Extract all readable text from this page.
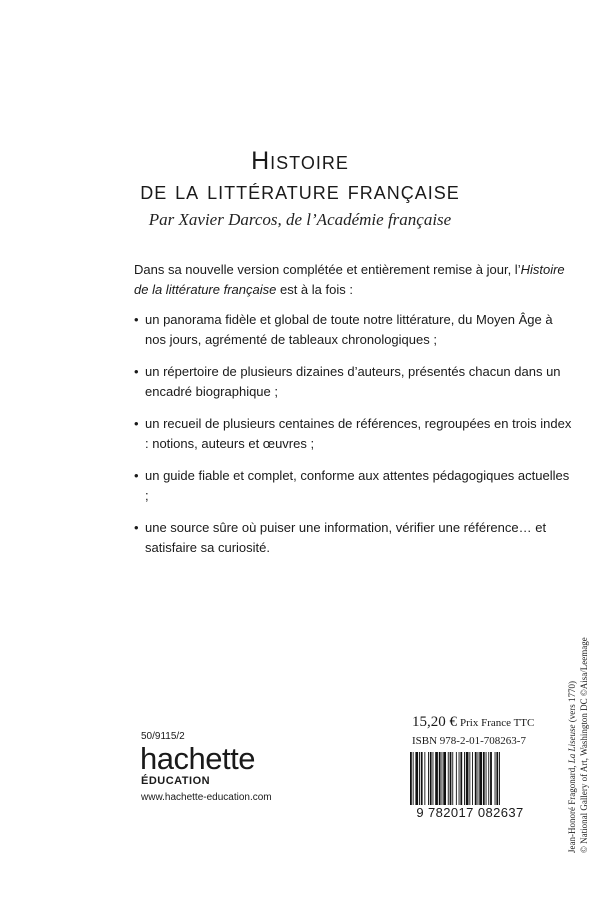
Histoire
de la littérature française
Par Xavier Darcos, de l’Académie française

Dans sa nouvelle version complétée et entièrement remise à jour, l’Histoire de la littérature française est à la fois :

• un panorama fidèle et global de toute notre littérature, du Moyen Âge à nos jours, agrémenté de tableaux chronologiques ;
• un répertoire de plusieurs dizaines d’auteurs, présentés chacun dans un encadré biographique ;
• un recueil de plusieurs centaines de références, regroupées en trois index : notions, auteurs et œuvres ;
• un guide fiable et complet, conforme aux attentes pédagogiques actuelles ;
• une source sûre où puiser une information, vérifier une référence… et satisfaire sa curiosité.
50/9115/2
hachette
ÉDUCATION
www.hachette-education.com
15,20 € Prix France TTC
ISBN 978-2-01-708263-7
9 782017 082637	Jean-Honoré Fragonard, La Liseuse (vers 1770) © National Gallery of Art, Washington DC ©Aisa/Leemage
